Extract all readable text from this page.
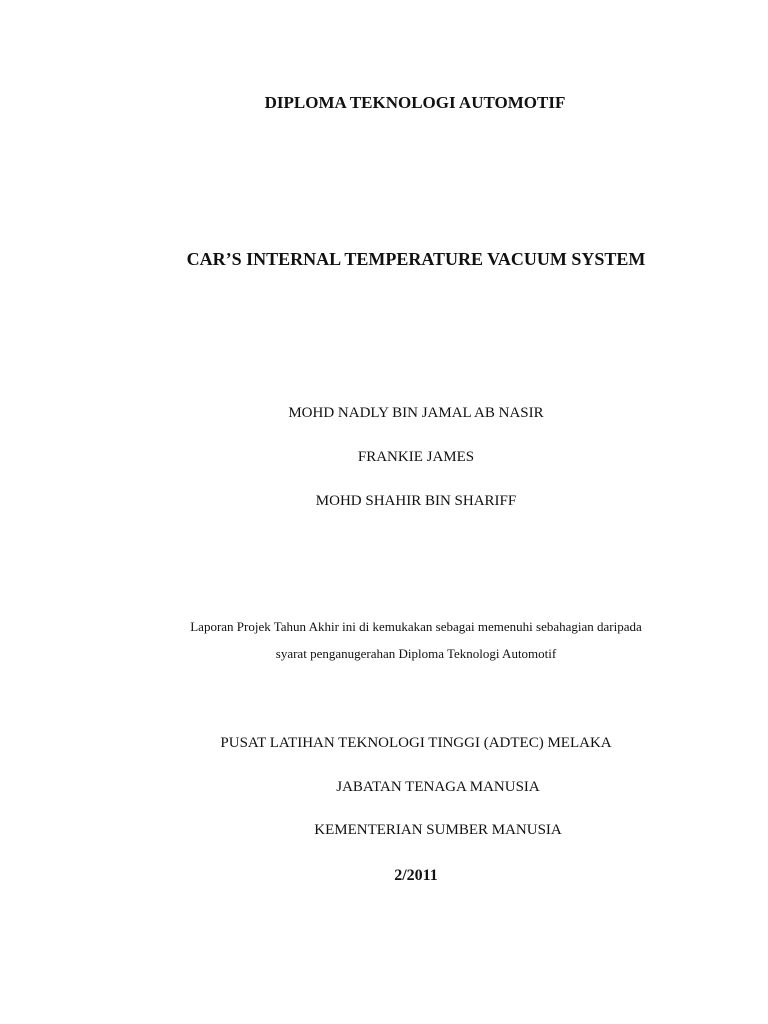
DIPLOMA TEKNOLOGI AUTOMOTIF
CAR’S INTERNAL TEMPERATURE VACUUM SYSTEM
MOHD NADLY BIN JAMAL AB NASIR
FRANKIE JAMES
MOHD SHAHIR BIN SHARIFF
Laporan Projek Tahun Akhir ini di kemukakan sebagai memenuhi sebahagian daripada
syarat penganugerahan Diploma Teknologi Automotif
PUSAT LATIHAN TEKNOLOGI TINGGI (ADTEC) MELAKA
JABATAN TENAGA MANUSIA
KEMENTERIAN SUMBER MANUSIA
2/2011
